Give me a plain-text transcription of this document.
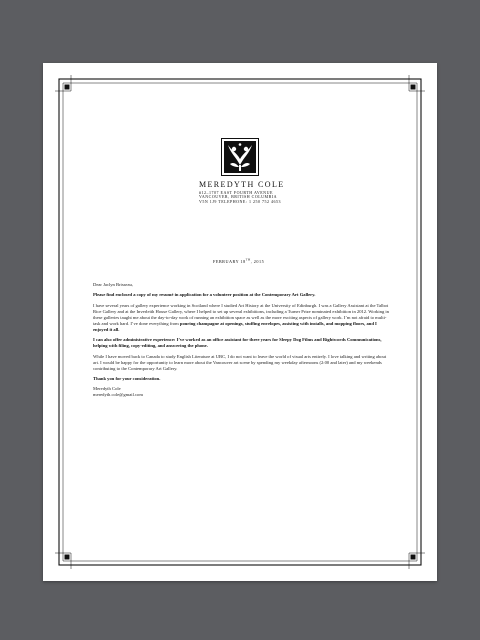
MEREDYTH COLE
#12–1707 EAST FOURTH AVENUE
VANCOUVER, BRITISH COLUMBIA
V5N 1J9 TELEPHONE: 1 250 752 4653
FEBRUARY 18TH, 2015

Dear Jaclyn Brisseau,

Please find enclosed a copy of my resumé in application for a volunteer position at the Contemporary Art Gallery.

I have several years of gallery experience working in Scotland where I studied Art History at the University of Edinburgh. I was a Gallery Assistant at the Talbot Rice Gallery and at the Inverleith House Gallery, where I helped to set up several exhibitions, including a Turner Prize nominated exhibition in 2012. Working in these galleries taught me about the day-to-day work of running an exhibition space as well as the more exciting aspects of gallery work. I’m not afraid to multi-task and work hard. I’ve done everything from pouring champagne at openings, stuffing envelopes, assisting with installs, and mopping floors, and I enjoyed it all.

I can also offer administrative experience: I’ve worked as an office assistant for three years for Sleepy Dog Films and Rightwords Communications, helping with filing, copy-editing, and answering the phone.

While I have moved back to Canada to study English Literature at UBC, I do not want to leave the world of visual arts entirely. I love talking and writing about art. I would be happy for the opportunity to learn more about the Vancouver art scene by spending my weekday afternoons (2:00 and later) and my weekends contributing to the Contemporary Art Gallery.

Thank you for your consideration.

Meredyth Cole
meredyth.cole@gmail.com
